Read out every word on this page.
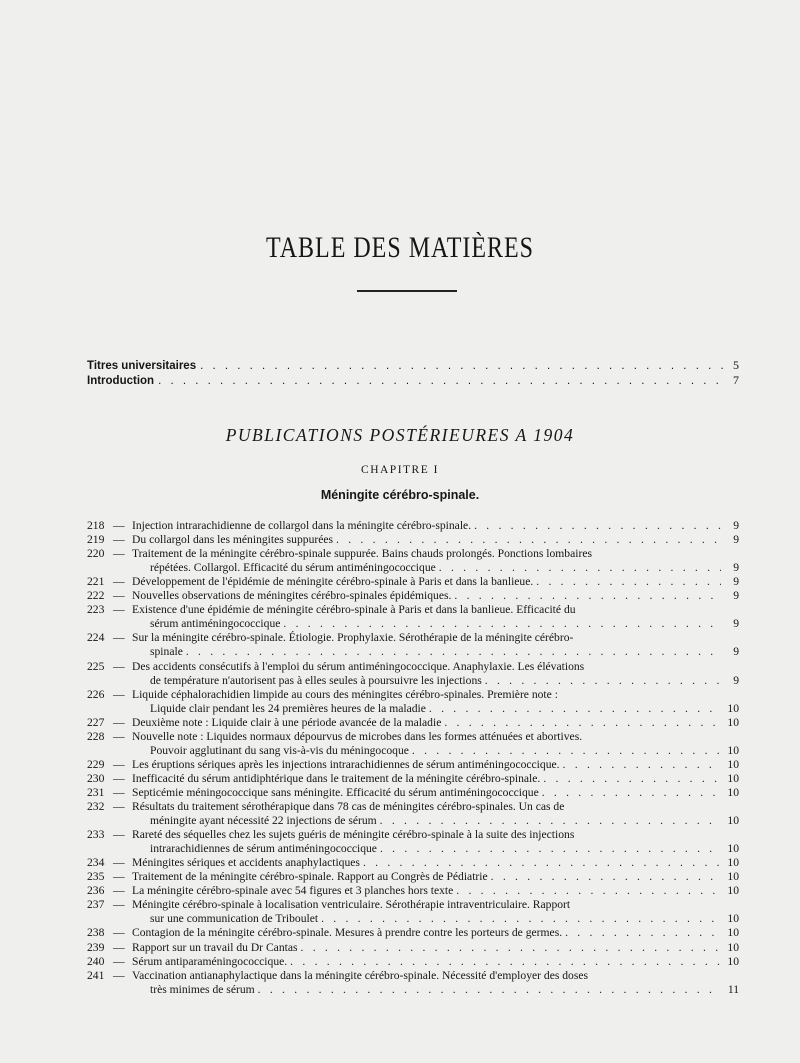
TABLE DES MATIÈRES
Titres universitaires . . .	5
Introduction . . .	7
PUBLICATIONS POSTÉRIEURES A 1904
CHAPITRE I
Méningite cérébro-spinale.
218 — Injection intrarachidienne de collargol dans la méningite cérébro-spinale. . . .	9
219 — Du collargol dans les méningites suppurées . . .	9
220 — Traitement de la méningite cérébro-spinale suppurée. Bains chauds prolongés. Ponctions lombaires
répétées. Collargol. Efficacité du sérum antiméningococcique . . .	9
221 — Développement de l'épidémie de méningite cérébro-spinale à Paris et dans la banlieue. . . .	9
222 — Nouvelles observations de méningites cérébro-spinales épidémiques. . . .	9
223 — Existence d'une épidémie de méningite cérébro-spinale à Paris et dans la banlieue. Efficacité du
sérum antiméningococcique . . .	9
224 — Sur la méningite cérébro-spinale. Étiologie. Prophylaxie. Sérothérapie de la méningite cérébro-
spinale . . .	9
225 — Des accidents consécutifs à l'emploi du sérum antiméningococcique. Anaphylaxie. Les élévations
de température n'autorisent pas à elles seules à poursuivre les injections . . .	9
226 — Liquide céphalorachidien limpide au cours des méningites cérébro-spinales. Première note :
Liquide clair pendant les 24 premières heures de la maladie . . .	10
227 — Deuxième note : Liquide clair à une période avancée de la maladie . . .	10
228 — Nouvelle note : Liquides normaux dépourvus de microbes dans les formes atténuées et abortives.
Pouvoir agglutinant du sang vis-à-vis du méningocoque . . .	10
229 — Les éruptions sériques après les injections intrarachidiennes de sérum antiméningococcique. . . .	10
230 — Inefficacité du sérum antidiphtérique dans le traitement de la méningite cérébro-spinale. . . .	10
231 — Septicémie méningococcique sans méningite. Efficacité du sérum antiméningococcique . . .	10
232 — Résultats du traitement sérothérapique dans 78 cas de méningites cérébro-spinales. Un cas de
méningite ayant nécessité 22 injections de sérum . . .	10
233 — Rareté des séquelles chez les sujets guéris de méningite cérébro-spinale à la suite des injections
intrarachidiennes de sérum antiméningococcique . . .	10
234 — Méningites sériques et accidents anaphylactiques . . .	10
235 — Traitement de la méningite cérébro-spinale. Rapport au Congrès de Pédiatrie . . .	10
236 — La méningite cérébro-spinale avec 54 figures et 3 planches hors texte . . .	10
237 — Méningite cérébro-spinale à localisation ventriculaire. Sérothérapie intraventriculaire. Rapport
sur une communication de Triboulet . . .	10
238 — Contagion de la méningite cérébro-spinale. Mesures à prendre contre les porteurs de germes. . . .	10
239 — Rapport sur un travail du Dr Cantas . . .	10
240 — Sérum antiparaméningococcique. . . .	10
241 — Vaccination antianaphylactique dans la méningite cérébro-spinale. Nécessité d'employer des doses
très minimes de sérum . . .	11
